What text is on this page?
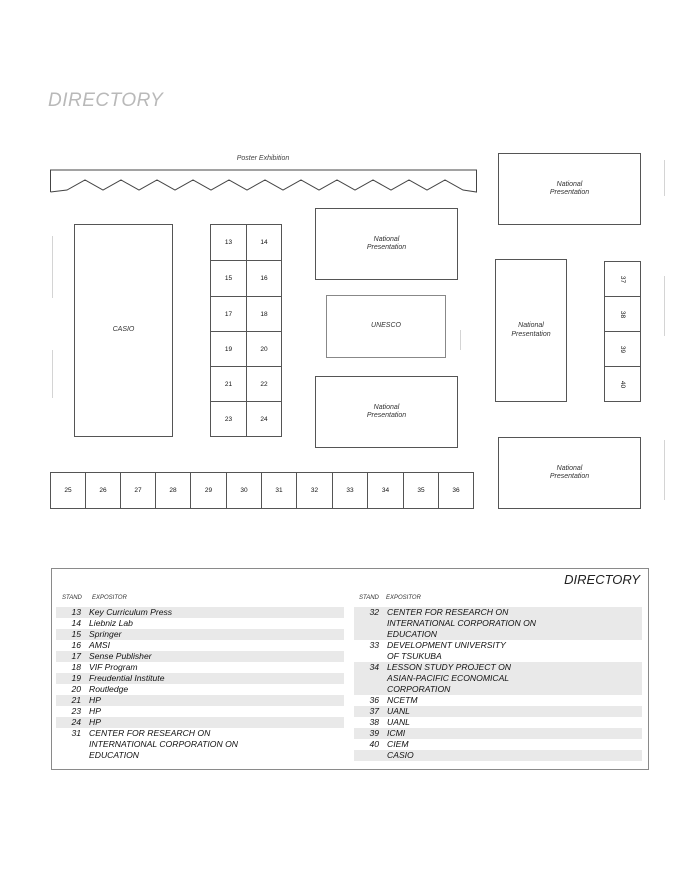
DIRECTORY
Poster Exhibition
CASIO
13	14
15	16
17	18
19	20
21	22
23	24
National
Presentation
UNESCO
National
Presentation
National
Presentation
National
Presentation
37
38
39
40
National
Presentation
25	26	27	28	29	30	31	32	33	34	35	36
DIRECTORY
STAND EXPOSITOR	STAND EXPOSITOR
13 Key Curriculum Press
14 Liebniz Lab
15 Springer
16 AMSI
17 Sense Publisher
18 VIF Program
19 Freudential Institute
20 Routledge
21 HP
23 HP
24 HP
31 CENTER FOR RESEARCH ON
INTERNATIONAL CORPORATION ON
EDUCATION
32 CENTER FOR RESEARCH ON
INTERNATIONAL CORPORATION ON
EDUCATION
33 DEVELOPMENT UNIVERSITY
OF TSUKUBA
34 LESSON STUDY PROJECT ON
ASIAN-PACIFIC ECONOMICAL
CORPORATION
36 NCETM
37 UANL
38 UANL
39 ICMI
40 CIEM
CASIO
